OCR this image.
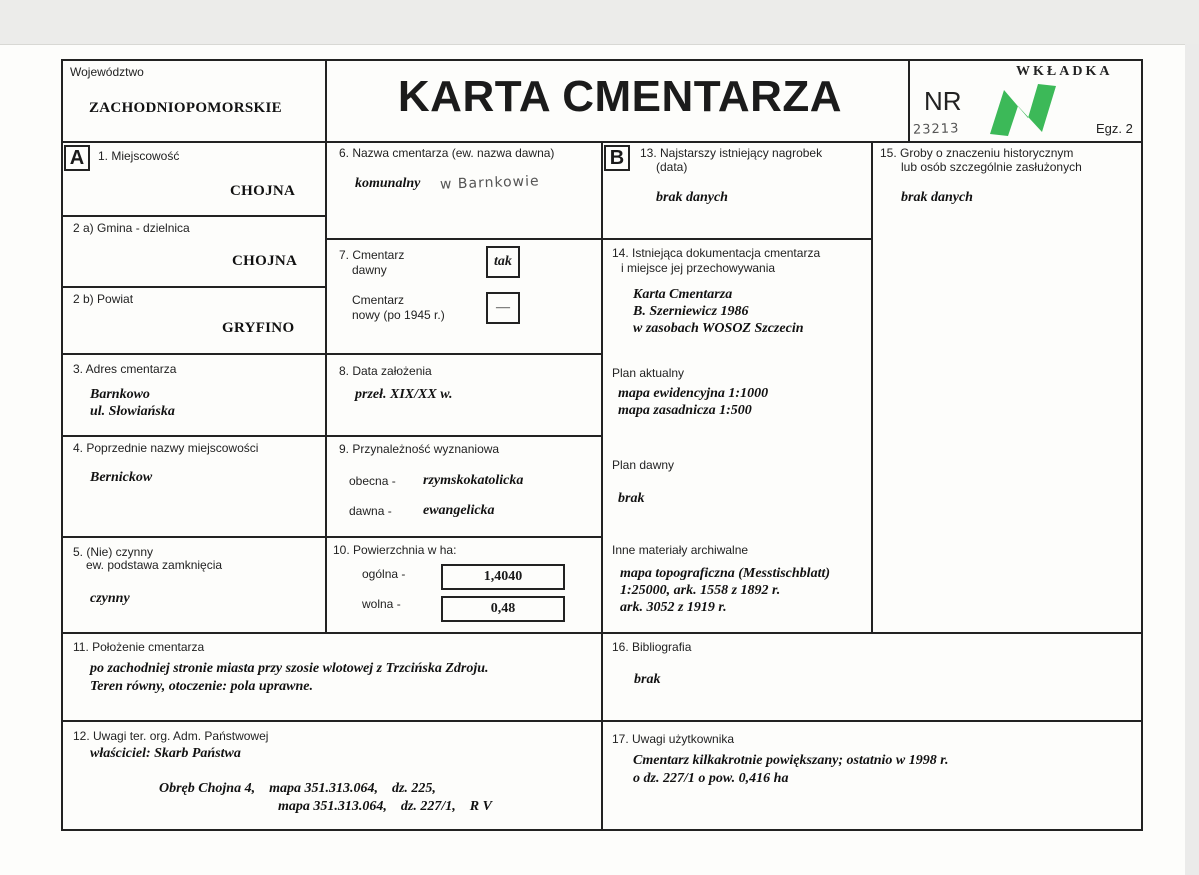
Województwo
ZACHODNIOPOMORSKIE	KARTA CMENTARZA	NR
23213
WKŁADKA
Egz. 2
A	1. Miejscowość
CHOJNA
2 a) Gmina - dzielnica
CHOJNA
2 b) Powiat
GRYFINO
3. Adres cmentarza
Barnkowo
ul. Słowiańska
4. Poprzednie nazwy miejscowości
Bernickow
5. (Nie) czynny
ew. podstawa zamknięcia
czynny
6. Nazwa cmentarza (ew. nazwa dawna)
komunalny w Barnkowie
7. Cmentarz
dawny
tak
Cmentarz
nowy (po 1945 r.)	—
8. Data założenia
przeł. XIX/XX w.
9. Przynależność wyznaniowa
obecna - rzymskokatolicka
dawna - ewangelicka
10. Powierzchnia w ha:
ogólna -	1,4040
wolna -	0,48
11. Położenie cmentarza
po zachodniej stronie miasta przy szosie wlotowej z Trzcińska Zdroju.
Teren równy, otoczenie: pola uprawne.
12. Uwagi ter. org. Adm. Państwowej
właściciel: Skarb Państwa
Obręb Chojna 4,    mapa 351.313.064,    dz. 225,
mapa 351.313.064,    dz. 227/1,    R V
B	13. Najstarszy istniejący nagrobek
(data)
brak danych
14. Istniejąca dokumentacja cmentarza
i miejsce jej przechowywania
Karta Cmentarza
B. Szerniewicz 1986
w zasobach WOSOZ Szczecin
Plan aktualny
mapa ewidencyjna 1:1000
mapa zasadnicza 1:500
Plan dawny
brak
Inne materiały archiwalne
mapa topograficzna (Messtischblatt)
1:25000, ark. 1558 z 1892 r.
ark. 3052 z 1919 r.
15. Groby o znaczeniu historycznym
lub osób szczególnie zasłużonych
brak danych
16. Bibliografia
brak
17. Uwagi użytkownika
Cmentarz kilkakrotnie powiększany; ostatnio w 1998 r.
o dz. 227/1 o pow. 0,416 ha
